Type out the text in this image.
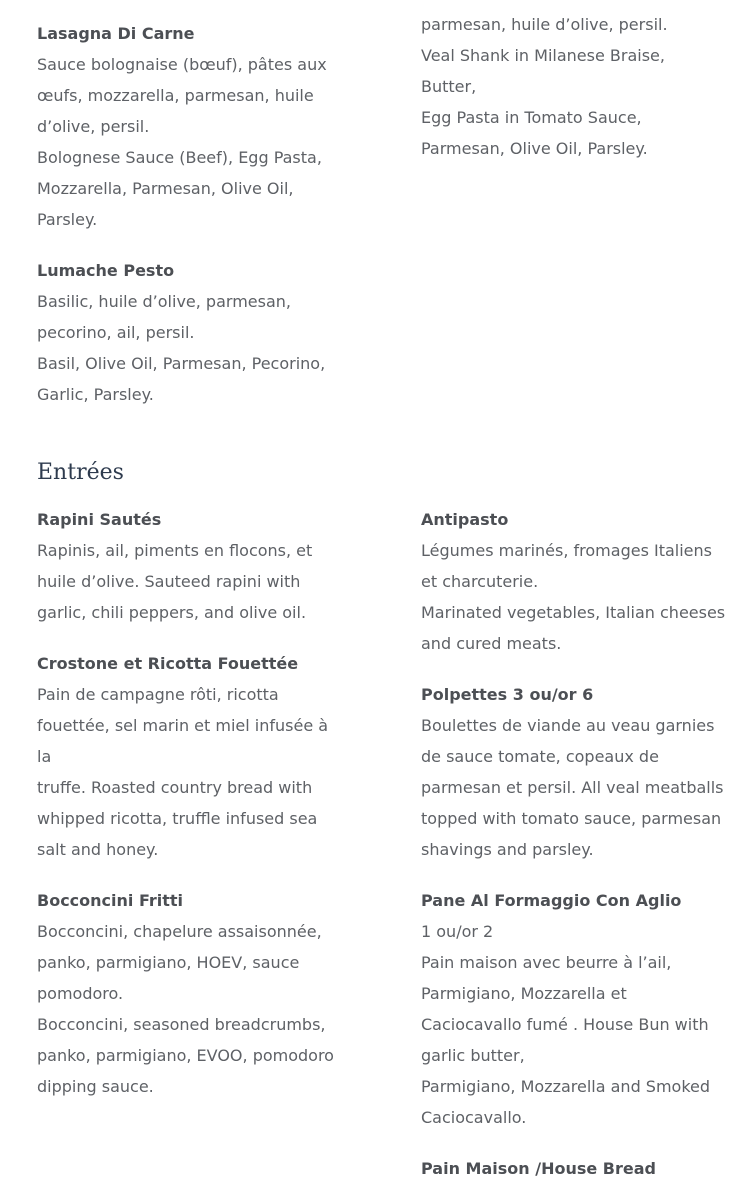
Lasagna Di Carne
Sauce bolognaise (bœuf), pâtes aux
œufs, mozzarella, parmesan, huile
d’olive, persil.
Bolognese Sauce (Beef), Egg Pasta,
Mozzarella, Parmesan, Olive Oil,
Parsley.
Lumache Pesto
Basilic, huile d’olive, parmesan,
pecorino, ail, persil.
Basil, Olive Oil, Parmesan, Pecorino,
Garlic, Parsley.
parmesan, huile d’olive, persil.
Veal Shank in Milanese Braise, Butter,
Egg Pasta in Tomato Sauce,
Parmesan, Olive Oil, Parsley.
Entrées
Rapini Sautés
Rapinis, ail, piments en flocons, et
huile d’olive. Sauteed rapini with
garlic, chili peppers, and olive oil.
Crostone et Ricotta Fouettée
Pain de campagne rôti, ricotta
fouettée, sel marin et miel infusée à la
truffe. Roasted country bread with
whipped ricotta, truffle infused sea
salt and honey.
Bocconcini Fritti
Bocconcini, chapelure assaisonnée,
panko, parmigiano, HOEV, sauce
pomodoro.
Bocconcini, seasoned breadcrumbs,
panko, parmigiano, EVOO, pomodoro
dipping sauce.
Antipasto
Légumes marinés, fromages Italiens
et charcuterie.
Marinated vegetables, Italian cheeses
and cured meats.
Polpettes 3 ou/or 6
Boulettes de viande au veau garnies
de sauce tomate, copeaux de
parmesan et persil. All veal meatballs
topped with tomato sauce, parmesan
shavings and parsley.
Pane Al Formaggio Con Aglio
1 ou/or 2
Pain maison avec beurre à l’ail,
Parmigiano, Mozzarella et
Caciocavallo fumé . House Bun with
garlic butter,
Parmigiano, Mozzarella and Smoked
Caciocavallo.
Pain Maison /House Bread
